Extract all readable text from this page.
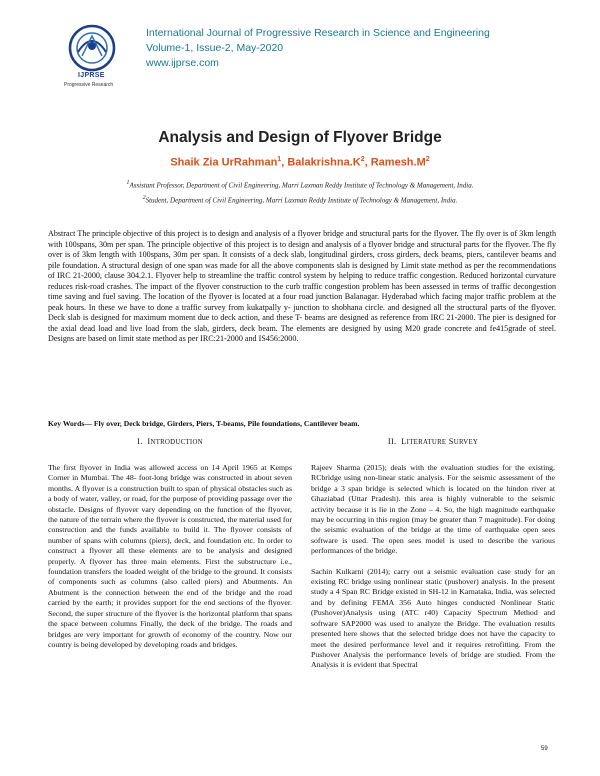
IJPRSE
Progressive Research
International Journal of Progressive Research in Science and Engineering
Volume-1, Issue-2, May-2020
www.ijprse.com
Analysis and Design of Flyover Bridge
Shaik Zia UrRahman$^1$, $Balakrishna.K^2$, $Ramesh.M^2$
$^1$Assistant Professor, Department of Civil Engineering, Marri Laxman Reddy Institute of Technology & Management, India.
$^2$Student, Department of Civil Engineering, Marri Laxman Reddy Institute of Technology & Management, India.
Abstract The principle objective of this project is to design and analysis of a flyover bridge and structural parts for the flyover. The fly over is of 3km length with 100spans, 30m per span. The principle objective of this project is to design and analysis of a flyover bridge and structural parts for the flyover. The fly over is of 3km length with 100spans, 30m per span. It consists of a deck slab, longitudinal girders, cross girders, deck beams, piers, cantilever beams and pile foundation. A structural design of one span was made for all the above components slab is designed by Limit state method as per the recommendations of IRC 21-2000, clause 304.2.1. Flyover help to streamline the traffic control system by helping to reduce traffic congestion. Reduced horizontal curvature reduces risk-road crashes. The impact of the flyover construction to the curb traffic congestion problem has been assessed in terms of traffic decongestion time saving and fuel saving. The location of the flyover is located at a four road junction Balanagar. Hyderabad which facing major traffic problem at the peak hours. In these we have to done a traffic survey from kukatpally y- junction to shobhana circle. and designed all the structural parts of the flyover. Deck slab is designed for maximum moment due to deck action, and these T- beams are designed as reference from IRC 21-2000. The pier is designed for the axial dead load and live load from the slab, girders, deck beam. The elements are designed by using M20 grade concrete and fe415grade of steel. Designs are based on limit state method as per IRC:21-2000 and IS456:2000.
Key Words— Fly over, Deck bridge, Girders, Piers, T-beams, Pile foundations, Cantilever beam.
I. INTRODUCTION	II. LITERATURE SURVEY

The first flyover in India was allowed access on 14 April 1965 at Kemps Corner in Mumbai. The 48- foot-long bridge was constructed in about seven months. A flyover is a construction built to span of physical obstacles such as a body of water, valley, or road, for the purpose of providing passage over the obstacle. Designs of flyover vary depending on the function of the flyover, the nature of the terrain where the flyover is constructed, the material used for construction and the funds available to build it. The flyover consists of number of spans with columns (piers), deck, and foundation etc. In order to construct a flyover all these elements are to be analysis and designed properly. A flyover has three main elements. First the substructure i.e., foundation transfers the loaded weight of the bridge to the ground. It consists of components such as columns (also called piers) and Abutments. An Abutment is the connection between the end of the bridge and the road carried by the earth; it provides support for the end sections of the flyover. Second, the super structure of the flyover is the horizontal platform that spans the space between columns Finally, the deck of the bridge. The roads and bridges are very important for growth of economy of the country. Now our country is being developed by developing roads and bridges.

Rajeev Sharma (2015); deals with the evaluation studies for the existing, RCbridge using non-linear static analysis. For the seismic assessment of the bridge a 3 span bridge is selected which is located on the hindon river at Ghaziabad (Uttar Pradesh). this area is highly vulnerable to the seismic activity because it is lie in the Zone – 4. So, the high magnitude earthquake may be occurring in this region (may be greater than 7 magnitude). For doing the seismic evaluation of the bridge at the time of earthquake open sees software is used. The open sees model is used to describe the various performances of the bridge.

Sachin Kulkarni (2014); carry out a seismic evaluation case study for an existing RC bridge using nonlinear static (pushover) analysis. In the present study a 4 Span RC Bridge existed in SH-12 in Karnataka, India, was selected and by defining FEMA 356 Auto hinges conducted Nonlinear Static (Pushover)Analysis using (ATC r40) Capacity Spectrum Method and software SAP2000 was used to analyze the Bridge. The evaluation results presented here shows that the selected bridge does not have the capacity to meet the desired performance level and it requires retrofitting. From the Pushover Analysis the performance levels of bridge are studied. From the Analysis it is evident that Spectral

59
